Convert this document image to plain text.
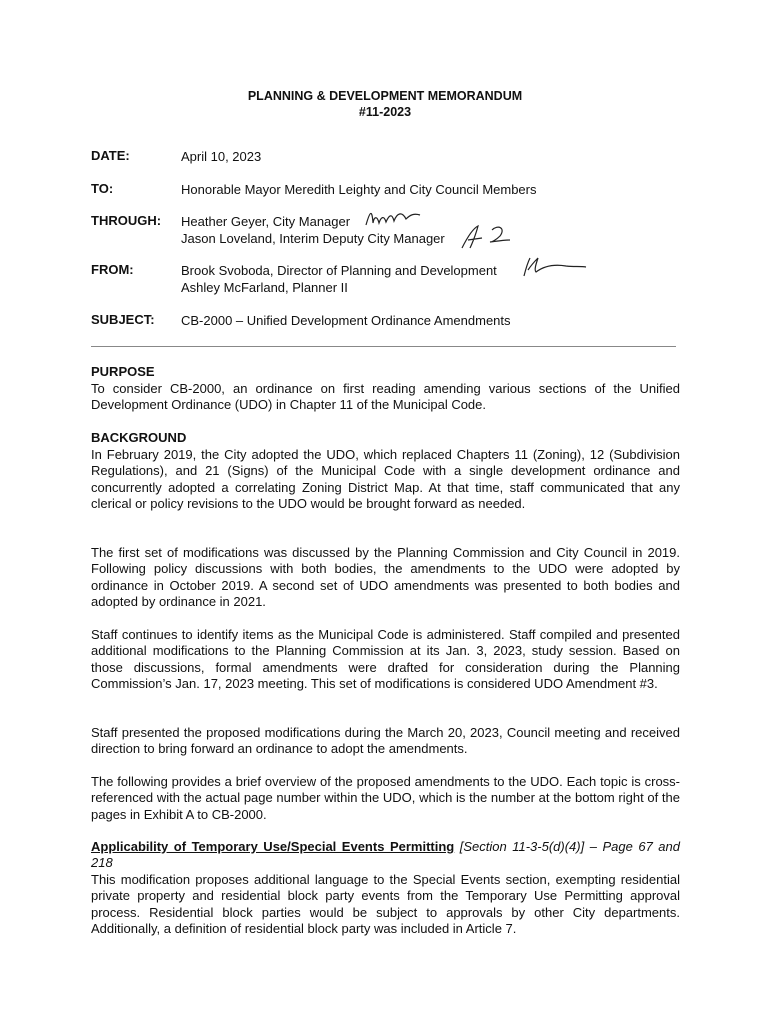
PLANNING & DEVELOPMENT MEMORANDUM
#11-2023
DATE:	April 10, 2023
TO:	Honorable Mayor Meredith Leighty and City Council Members
THROUGH: Heather Geyer, City Manager
Jason Loveland, Interim Deputy City Manager
FROM:	Brook Svoboda, Director of Planning and Development
Ashley McFarland, Planner II
SUBJECT: CB-2000 – Unified Development Ordinance Amendments
PURPOSE
To consider CB-2000, an ordinance on first reading amending various sections of the Unified Development Ordinance (UDO) in Chapter 11 of the Municipal Code.
BACKGROUND
In February 2019, the City adopted the UDO, which replaced Chapters 11 (Zoning), 12 (Subdivision Regulations), and 21 (Signs) of the Municipal Code with a single development ordinance and concurrently adopted a correlating Zoning District Map. At that time, staff communicated that any clerical or policy revisions to the UDO would be brought forward as needed.
The first set of modifications was discussed by the Planning Commission and City Council in 2019. Following policy discussions with both bodies, the amendments to the UDO were adopted by ordinance in October 2019. A second set of UDO amendments was presented to both bodies and adopted by ordinance in 2021.
Staff continues to identify items as the Municipal Code is administered. Staff compiled and presented additional modifications to the Planning Commission at its Jan. 3, 2023, study session. Based on those discussions, formal amendments were drafted for consideration during the Planning Commission’s Jan. 17, 2023 meeting. This set of modifications is considered UDO Amendment #3.
Staff presented the proposed modifications during the March 20, 2023, Council meeting and received direction to bring forward an ordinance to adopt the amendments.
The following provides a brief overview of the proposed amendments to the UDO. Each topic is cross-referenced with the actual page number within the UDO, which is the number at the bottom right of the pages in Exhibit A to CB-2000.
Applicability of Temporary Use/Special Events Permitting [Section 11-3-5(d)(4)] – Page 67 and 218
This modification proposes additional language to the Special Events section, exempting residential private property and residential block party events from the Temporary Use Permitting approval process. Residential block parties would be subject to approvals by other City departments. Additionally, a definition of residential block party was included in Article 7.
